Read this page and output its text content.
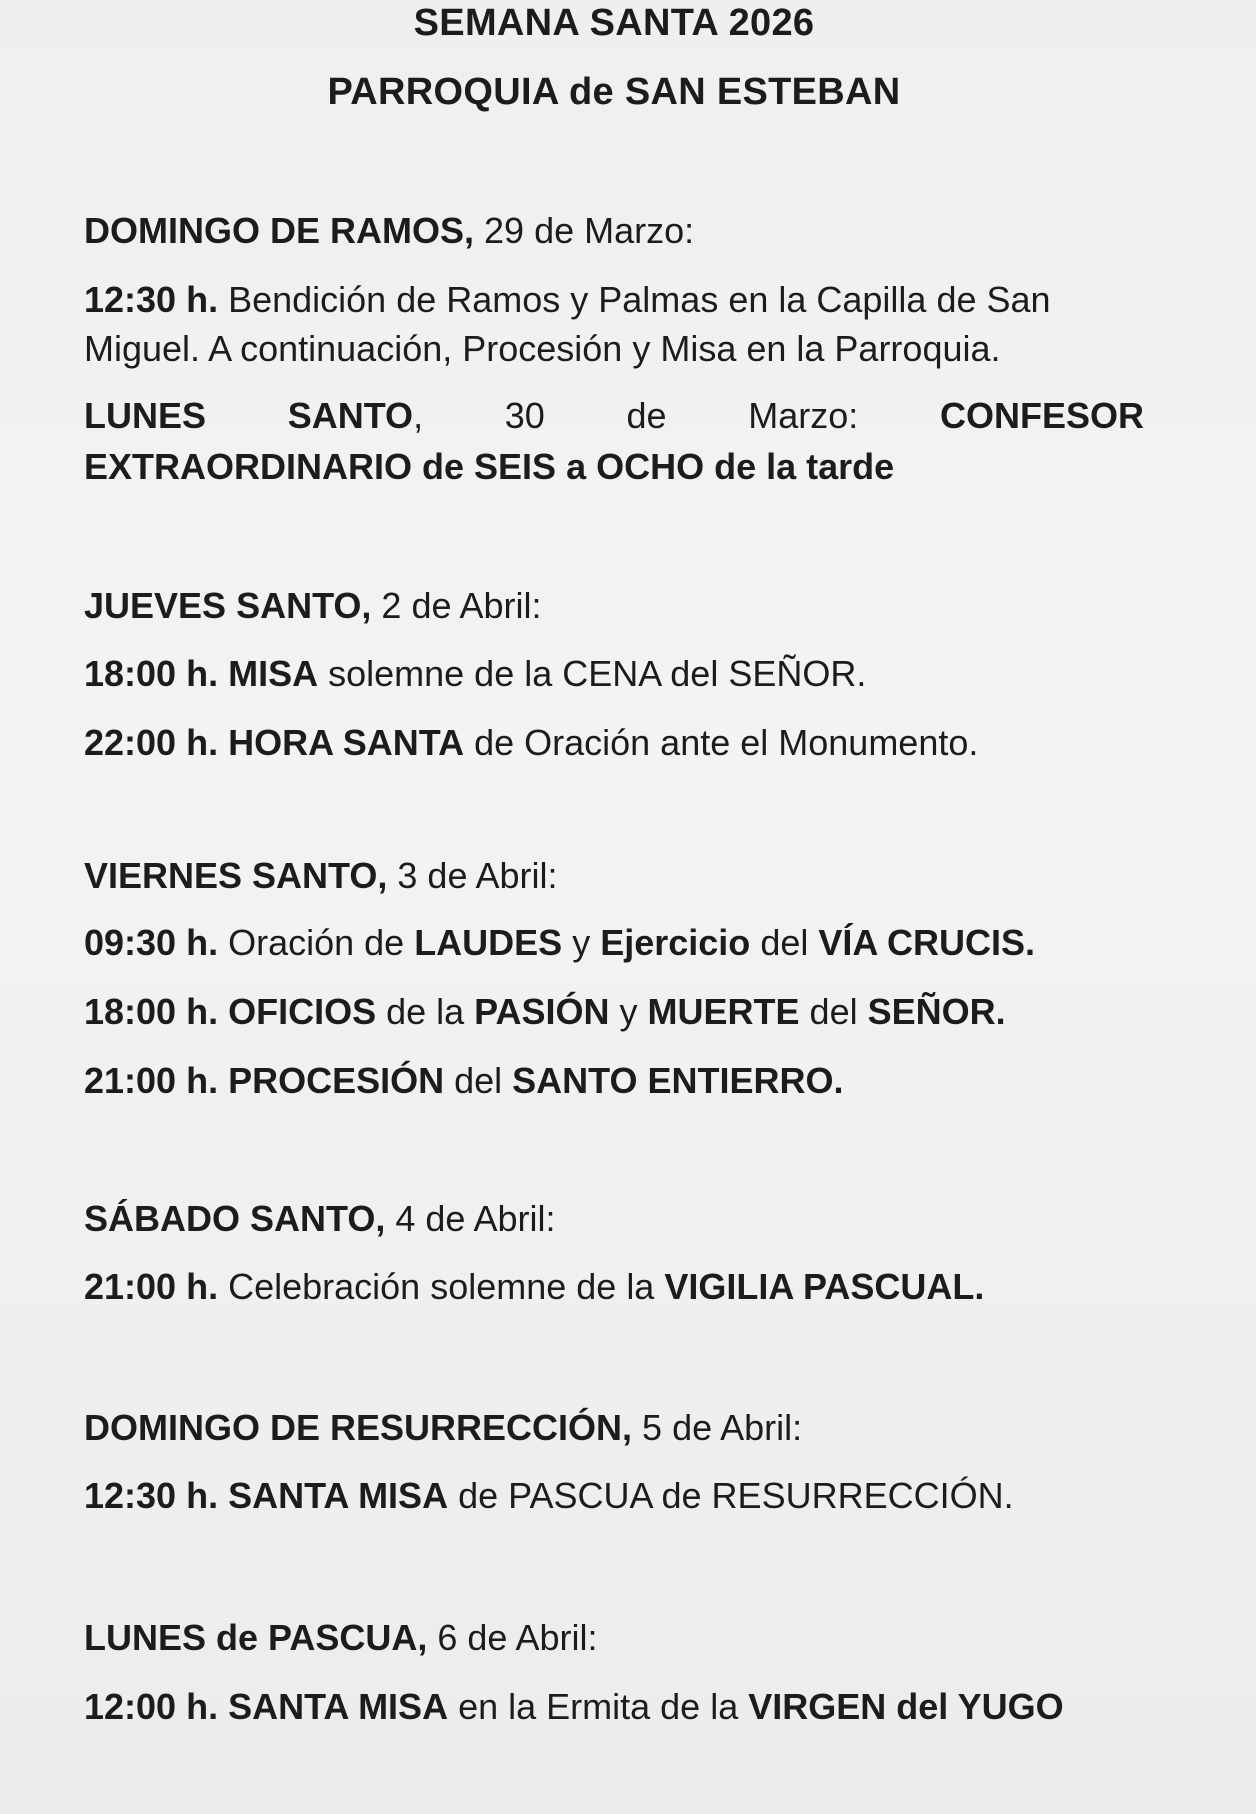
SEMANA SANTA 2026
PARROQUIA de SAN ESTEBAN
DOMINGO DE RAMOS, 29 de Marzo:
12:30 h. Bendición de Ramos y Palmas en la Capilla de San
Miguel. A continuación, Procesión y Misa en la Parroquia.
LUNES SANTO, 30 de Marzo: CONFESOR
EXTRAORDINARIO de SEIS a OCHO de la tarde
JUEVES SANTO, 2 de Abril:
18:00 h. MISA solemne de la CENA del SEÑOR.
22:00 h. HORA SANTA de Oración ante el Monumento.
VIERNES SANTO, 3 de Abril:
09:30 h. Oración de LAUDES y Ejercicio del VÍA CRUCIS.
18:00 h. OFICIOS de la PASIÓN y MUERTE del SEÑOR.
21:00 h. PROCESIÓN del SANTO ENTIERRO.
SÁBADO SANTO, 4 de Abril:
21:00 h. Celebración solemne de la VIGILIA PASCUAL.
DOMINGO DE RESURRECCIÓN, 5 de Abril:
12:30 h. SANTA MISA de PASCUA de RESURRECCIÓN.
LUNES de PASCUA, 6 de Abril:
12:00 h. SANTA MISA en la Ermita de la VIRGEN del YUGO
